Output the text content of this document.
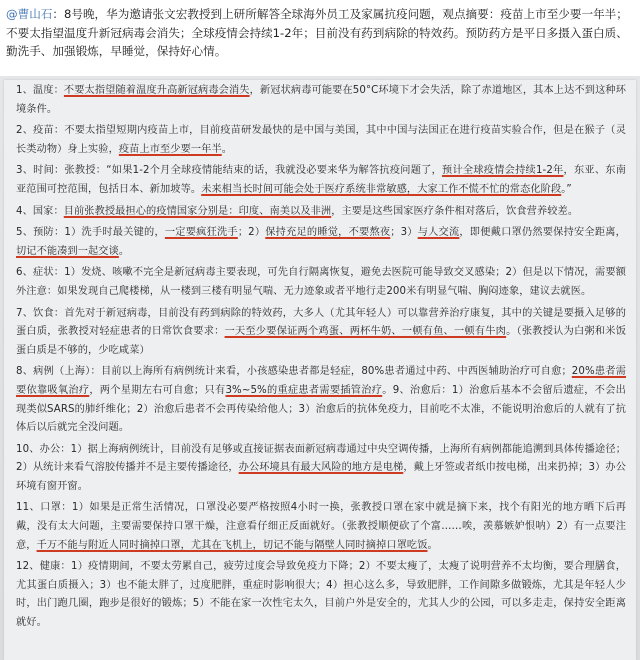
@曹山石：8号晚，华为邀请张文宏教授到上研所解答全球海外员工及家属抗疫问题，观点摘要：疫苗上市至少要一年半；不要太指望温度升新冠病毒会消失；全球疫情会持续1-2年；目前没有药到病除的特效药。预防药方是平日多摄入蛋白质、勤洗手、加强锻炼，早睡觉，保持好心情。
1、温度：不要太指望随着温度升高新冠病毒会消失，新冠状病毒可能要在50°C环境下才会失活，除了赤道地区，其本上达不到这种环境条件。
2、疫苗：不要太指望短期内疫苗上市，目前疫苗研发最快的是中国与美国，其中中国与法国正在进行疫苗实验合作，但是在猴子（灵长类动物）身上实验，疫苗上市至少要一年半。
3、时间：张教授：“如果1-2个月全球疫情能结束的话，我就没必要来华为解答抗疫问题了，预计全球疫情会持续1-2年，东亚、东南亚范围可控范围，包括日本、新加坡等。未来相当长时间可能会处于医疗系统非常敏感，大家工作不慌不忙的常态化阶段。”
4、国家：目前张教授最担心的疫情国家分别是：印度、南美以及非洲，主要是这些国家医疗条件相对落后，饮食营养较差。
5、预防：1）洗手时最关键的，一定要疯狂洗手；2）保持充足的睡觉，不要熬夜；3）与人交流，即便戴口罩仍然要保持安全距离，切记不能凑到一起交谈。
6、症状：1）发烧、咳嗽不完全是新冠病毒主要表现，可先自行隔离恢复，避免去医院可能导致交叉感染；2）但是以下情况，需要额外注意：如果发现自己爬楼梯，从一楼到三楼有明显气喘、无力迹象或者平地行走200米有明显气喘、胸闷迹象，建议去就医。
7、饮食：首先对于新冠病毒，目前没有药到病除的特效药，大多人（尤其年轻人）可以靠营养治疗康复，其中的关键是要摄入足够的蛋白质，张教授对轻症患者的日常饮食要求：一天至少要保证两个鸡蛋、两杯牛奶、一顿有鱼、一顿有牛肉。（张教授认为白粥和米饭蛋白质是不够的，少吃咸菜）
8、病例（上海）：目前以上海所有病例统计来看，小孩感染患者都是轻症，80%患者通过中药、中西医辅助治疗可自愈；20%患者需要依靠吸氧治疗，两个星期左右可自愈；只有3%~5%的重症患者需要插管治疗。9、治愈后：1）治愈后基本不会留后遗症，不会出现类似SARS的肺纤维化；2）治愈后患者不会再传染给他人；3）治愈后的抗体免疫力，目前吃不太准，不能说明治愈后的人就有了抗体后以后就完全没问题。
10、办公：1）据上海病例统计，目前没有足够或直接证据表面新冠病毒通过中央空调传播，上海所有病例都能追溯到具体传播途径；2）从统计来看气溶胶传播并不是主要传播途径，办公环境具有最大风险的地方是电梯，戴上牙签或者纸巾按电梯，出来扔掉；3）办公环境有窗开窗。
11、口罩：1）如果是正常生活情况，口罩没必要严格按照4小时一换，张教授口罩在家中就是摘下来，找个有阳光的地方晒下后再戴，没有太大问题，主要需要保持口罩干燥，注意看仔细正反面就好。（张教授顺便砍了个富……唉，羡慕嫉妒恨呐）2）有一点要注意，千万不能与附近人同时摘掉口罩，尤其在飞机上，切记不能与隔壁人同时摘掉口罩吃饭。
12、健康：1）疫情期间，不要太劳累自己，疲劳过度会导致免疫力下降；2）不要太瘦了，太瘦了说明营养不太均衡，要合理膳食，尤其蛋白质摄入；3）也不能太胖了，过度肥胖，重症时影响很大；4）担心这么多，导致肥胖，工作间隙多做锻炼，尤其是年轻人少时，出门跑几圈，跑步是很好的锻炼；5）不能在家一次性宅太久，目前户外是安全的，尤其人少的公园，可以多走走，保持安全距离就好。
